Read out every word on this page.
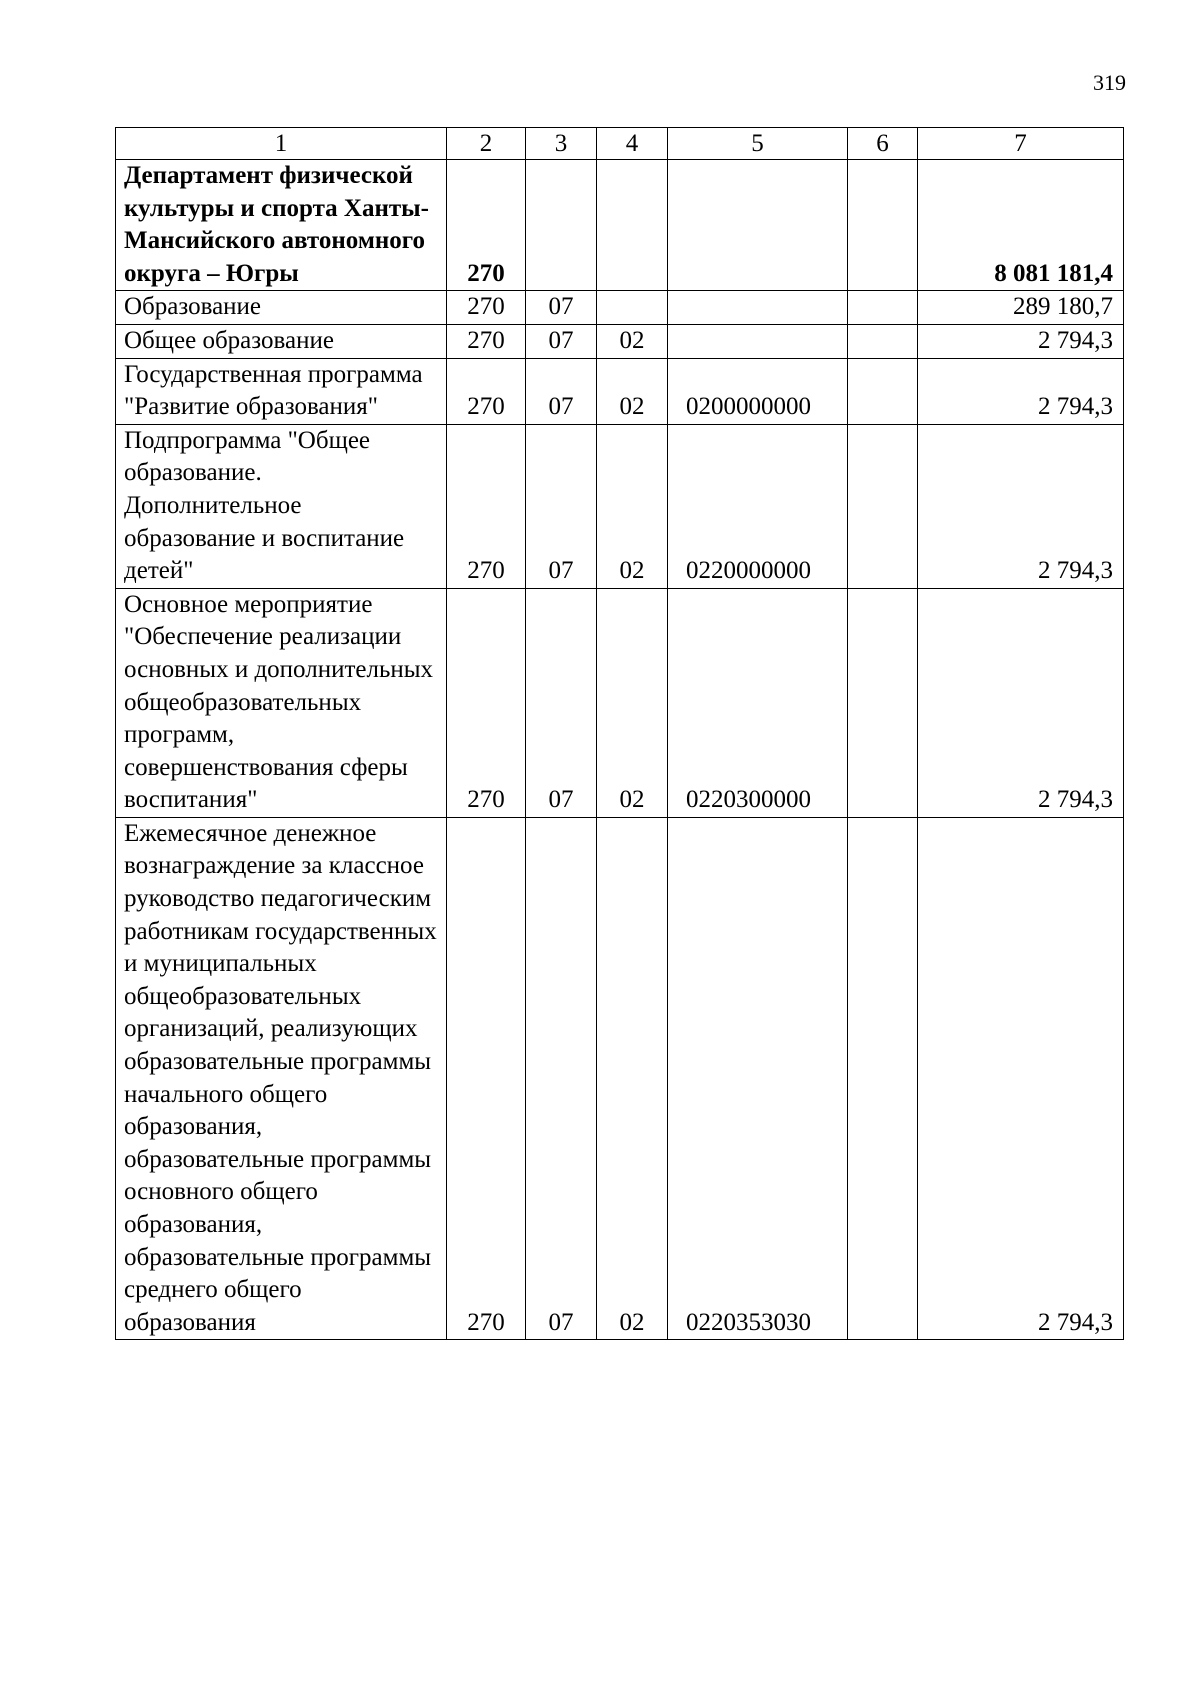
319
1	2	3	4	5	6	7
Департамент физической культуры и спорта Ханты-Мансийского автономного округа – Югры	270					8 081 181,4
Образование	270	07				289 180,7
Общее образование	270	07	02			2 794,3
Государственная программа "Развитие образования"	270	07	02	0200000000		2 794,3
Подпрограмма "Общее образование. Дополнительное образование и воспитание детей"	270	07	02	0220000000		2 794,3
Основное мероприятие "Обеспечение реализации основных и дополнительных общеобразовательных программ, совершенствования сферы воспитания"	270	07	02	0220300000		2 794,3
Ежемесячное денежное вознаграждение за классное руководство педагогическим работникам государственных и муниципальных общеобразовательных организаций, реализующих образовательные программы начального общего образования, образовательные программы основного общего образования, образовательные программы среднего общего образования	270	07	02	0220353030		2 794,3
